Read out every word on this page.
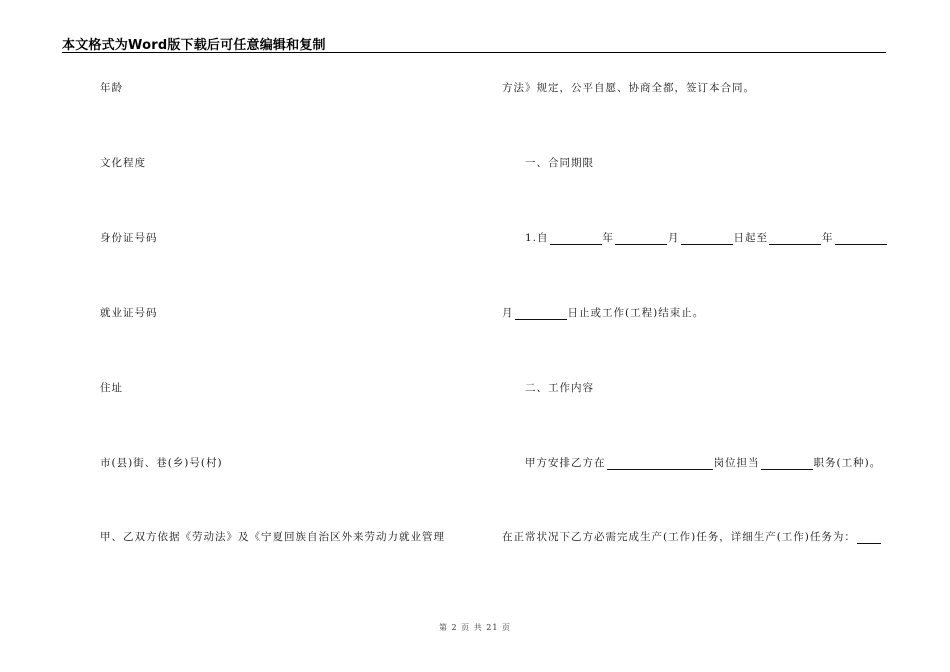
本文格式为Word版下载后可任意编辑和复制
年龄
文化程度
身份证号码
就业证号码
住址
市(县)街、巷(乡)号(村)
甲、乙双方依据《劳动法》及《宁夏回族自治区外来劳动力就业管理
方法》规定，公平自愿、协商全都，签订本合同。
一、合同期限
1.自	年	月	日起至	年
月	日止或工作(工程)结束止。
二、工作内容
甲方安排乙方在	岗位担当	职务(工种)。
在正常状况下乙方必需完成生产(工作)任务，详细生产(工作)任务为：
第 2 页 共 21 页
